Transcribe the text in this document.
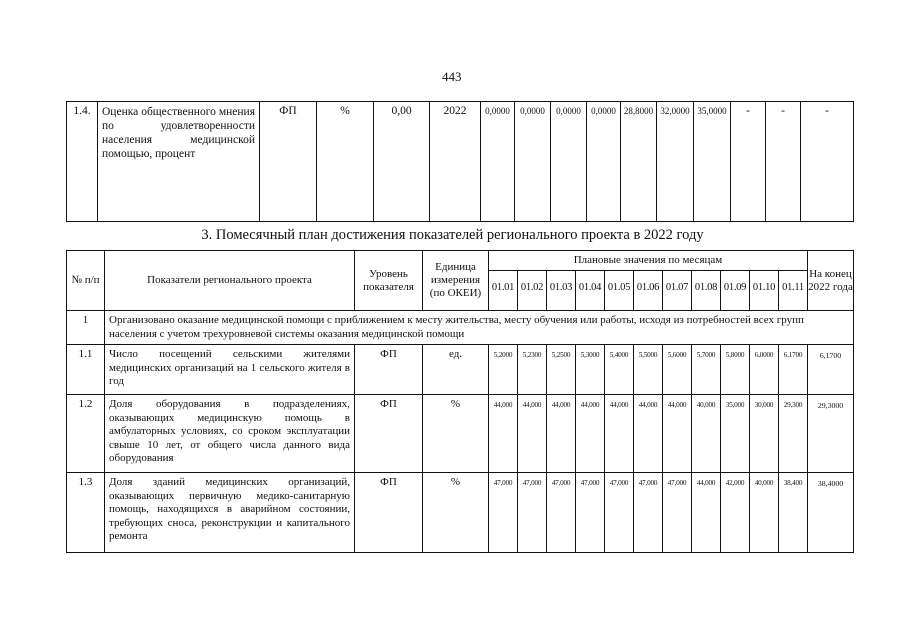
443
1.4.	Оценка общественного мнения по удовлетворенности населения медицинской помощью, процент	ФП	%	0,00	2022	0,0000	0,0000	0,0000	0,0000	28,8000	32,0000	35,0000	-	-	-
3. Помесячный план достижения показателей регионального проекта в 2022 году
№ п/п	Показатели регионального проекта	Уровень показателя	Единица измерения (по ОКЕИ)	Плановые значения по месяцам											На конец 2022 года
				01.01	01.02	01.03	01.04	01.05	01.06	01.07	01.08	01.09	01.10	01.11	
1	Организовано оказание медицинской помощи с приближением к месту жительства, месту обучения или работы, исходя из потребностей всех групп населения с учетом трехуровневой системы оказания медицинской помощи														
1.1	Число посещений сельскими жителями медицинских организаций на 1 сельского жителя в год	ФП	ед.	5,2000	5,2300	5,2500	5,3000	5,4000	5,5000	5,6000	5,7000	5,8000	6,0000	6,1700	6,1700
1.2	Доля оборудования в подразделениях, оказывающих медицинскую помощь в амбулаторных условиях, со сроком эксплуатации свыше 10 лет, от общего числа данного вида оборудования	ФП	%	44,000	44,000	44,000	44,000	44,000	44,000	44,000	40,000	35,000	30,000	29,300	29,3000
1.3	Доля зданий медицинских организаций, оказывающих первичную медико-санитарную помощь, находящихся в аварийном состоянии, требующих сноса, реконструкции и капитального ремонта	ФП	%	47,000	47,000	47,000	47,000	47,000	47,000	47,000	44,000	42,000	40,000	38,400	38,4000
